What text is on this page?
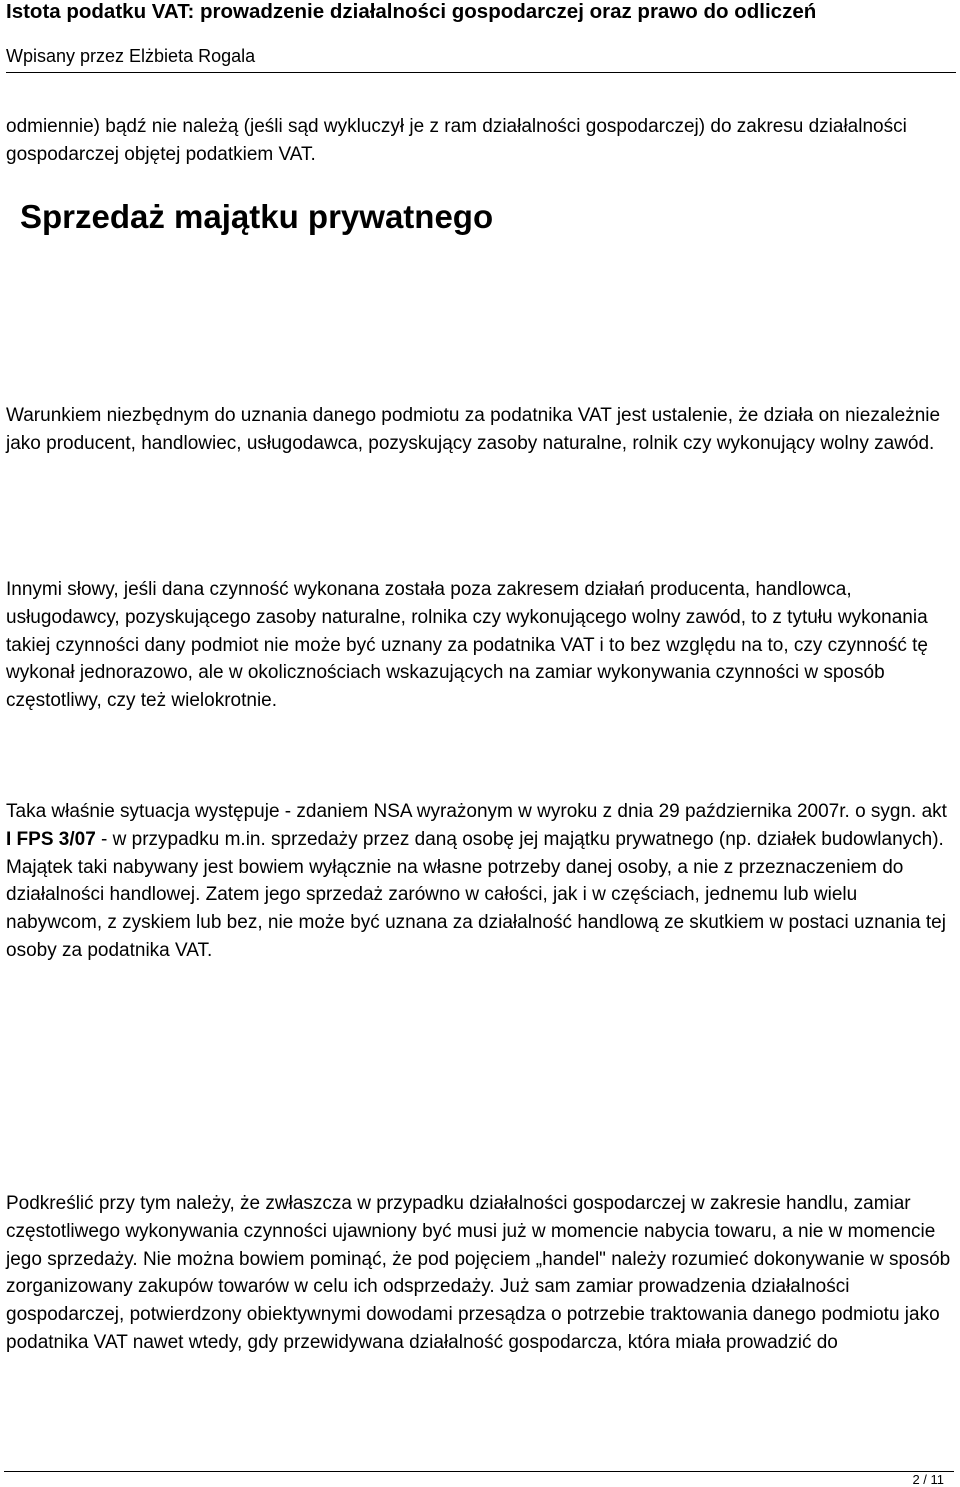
Istota podatku VAT: prowadzenie działalności gospodarczej oraz prawo do odliczeń
Wpisany przez Elżbieta Rogala

odmiennie) bądź nie należą (jeśli sąd wykluczył je z ram działalności gospodarczej) do zakresu działalności gospodarczej objętej podatkiem VAT.

Sprzedaż majątku prywatnego

Warunkiem niezbędnym do uznania danego podmiotu za podatnika VAT jest ustalenie, że działa on niezależnie jako producent, handlowiec, usługodawca, pozyskujący zasoby naturalne, rolnik czy wykonujący wolny zawód.

Innymi słowy, jeśli dana czynność wykonana została poza zakresem działań producenta, handlowca, usługodawcy, pozyskującego zasoby naturalne, rolnika czy wykonującego wolny zawód, to z tytułu wykonania takiej czynności dany podmiot nie może być uznany za podatnika VAT i to bez względu na to, czy czynność tę wykonał jednorazowo, ale w okolicznościach wskazujących na zamiar wykonywania czynności w sposób częstotliwy, czy też wielokrotnie.

Taka właśnie sytuacja występuje - zdaniem NSA wyrażonym w wyroku z dnia 29 października 2007r. o sygn. akt I FPS 3/07 - w przypadku m.in. sprzedaży przez daną osobę jej majątku prywatnego (np. działek budowlanych). Majątek taki nabywany jest bowiem wyłącznie na własne potrzeby danej osoby, a nie z przeznaczeniem do działalności handlowej. Zatem jego sprzedaż zarówno w całości, jak i w częściach, jednemu lub wielu nabywcom, z zyskiem lub bez, nie może być uznana za działalność handlową ze skutkiem w postaci uznania tej osoby za podatnika VAT.

Podkreślić przy tym należy, że zwłaszcza w przypadku działalności gospodarczej w zakresie handlu, zamiar częstotliwego wykonywania czynności ujawniony być musi już w momencie nabycia towaru, a nie w momencie jego sprzedaży. Nie można bowiem pominąć, że pod pojęciem „handel" należy rozumieć dokonywanie w sposób zorganizowany zakupów towarów w celu ich odsprzedaży. Już sam zamiar prowadzenia działalności gospodarczej, potwierdzony obiektywnymi dowodami przesądza o potrzebie traktowania danego podmiotu jako podatnika VAT nawet wtedy, gdy przewidywana działalność gospodarcza, która miała prowadzić do

2 / 11
